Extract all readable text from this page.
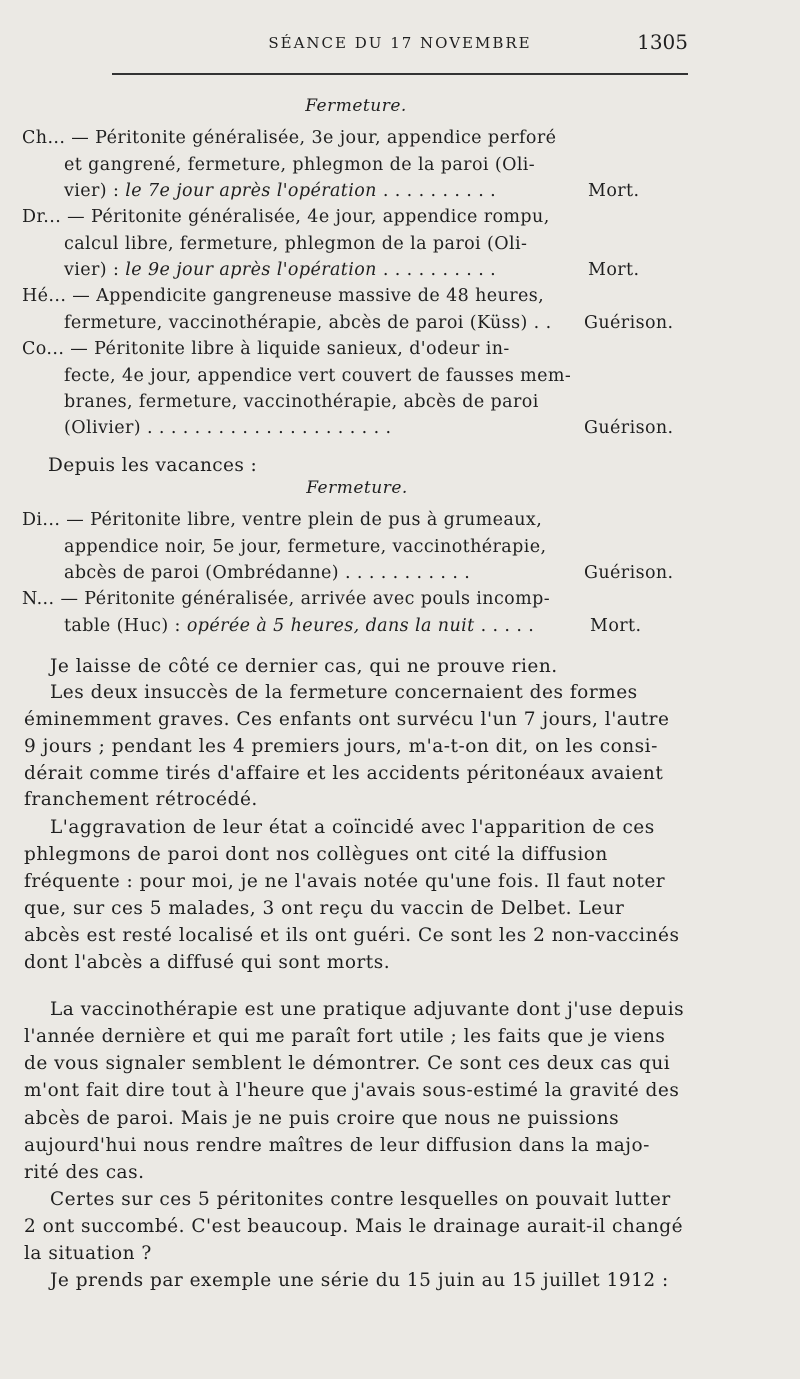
SÉANCE DU 17 NOVEMBRE	1305
Fermeture.
Ch... — Péritonite généralisée, 3e jour, appendice perforé
et gangrené, fermeture, phlegmon de la paroi (Oli-
vier) : le 7e jour après l'opération . . . . . . . . . .	Mort.
Dr... — Péritonite généralisée, 4e jour, appendice rompu,
calcul libre, fermeture, phlegmon de la paroi (Oli-
vier) : le 9e jour après l'opération . . . . . . . . . .	Mort.
Hé... — Appendicite gangreneuse massive de 48 heures,
fermeture, vaccinothérapie, abcès de paroi (Küss) . . Guérison.
Co... — Péritonite libre à liquide sanieux, d'odeur in-
fecte, 4e jour, appendice vert couvert de fausses mem-
branes, fermeture, vaccinothérapie, abcès de paroi
(Olivier) . . . . . . . . . . . . . . . . . . . . .	Guérison.
Depuis les vacances :
Fermeture.
Di... — Péritonite libre, ventre plein de pus à grumeaux,
appendice noir, 5e jour, fermeture, vaccinothérapie,
abcès de paroi (Ombrédanne) . . . . . . . . . . .	Guérison.
N... — Péritonite généralisée, arrivée avec pouls incomp-
table (Huc) : opérée à 5 heures, dans la nuit . . . . .	Mort.
Je laisse de côté ce dernier cas, qui ne prouve rien.
Les deux insuccès de la fermeture concernaient des formes
éminemment graves. Ces enfants ont survécu l'un 7 jours, l'autre
9 jours ; pendant les 4 premiers jours, m'a-t-on dit, on les consi-
dérait comme tirés d'affaire et les accidents péritonéaux avaient
franchement rétrocédé.
L'aggravation de leur état a coïncidé avec l'apparition de ces
phlegmons de paroi dont nos collègues ont cité la diffusion
fréquente : pour moi, je ne l'avais notée qu'une fois. Il faut noter
que, sur ces 5 malades, 3 ont reçu du vaccin de Delbet. Leur
abcès est resté localisé et ils ont guéri. Ce sont les 2 non-vaccinés
dont l'abcès a diffusé qui sont morts.
La vaccinothérapie est une pratique adjuvante dont j'use depuis
l'année dernière et qui me paraît fort utile ; les faits que je viens
de vous signaler semblent le démontrer. Ce sont ces deux cas qui
m'ont fait dire tout à l'heure que j'avais sous-estimé la gravité des
abcès de paroi. Mais je ne puis croire que nous ne puissions
aujourd'hui nous rendre maîtres de leur diffusion dans la majo-
rité des cas.
Certes sur ces 5 péritonites contre lesquelles on pouvait lutter
2 ont succombé. C'est beaucoup. Mais le drainage aurait-il changé
la situation ?
Je prends par exemple une série du 15 juin au 15 juillet 1912 :
